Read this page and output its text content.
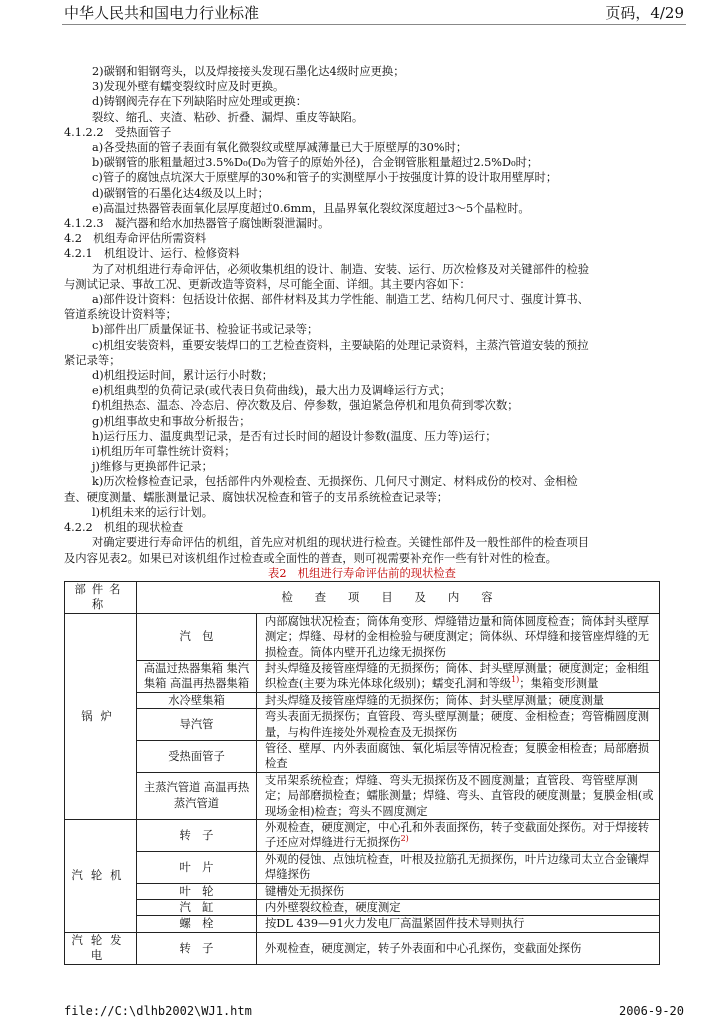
中华人民共和国电力行业标准	页码，4/29
2)碳钢和钼钢弯头，以及焊接接头发现石墨化达4级时应更换；
3)发现外壁有蠕变裂纹时应及时更换。
d)铸钢阀壳存在下列缺陷时应处理或更换：
裂纹、缩孔、夹渣、粘砂、折叠、漏焊、重皮等缺陷。
4.1.2.2　受热面管子
a)各受热面的管子表面有氧化微裂纹或壁厚减薄量已大于原壁厚的30%时；
b)碳钢管的胀粗量超过3.5%D₀(D₀为管子的原始外径)，合金钢管胀粗量超过2.5%D₀时；
c)管子的腐蚀点坑深大于原壁厚的30%和管子的实测壁厚小于按强度计算的设计取用壁厚时；
d)碳钢管的石墨化达4级及以上时；
e)高温过热器管表面氧化层厚度超过0.6mm，且晶界氧化裂纹深度超过3～5个晶粒时。
4.1.2.3　凝汽器和给水加热器管子腐蚀断裂泄漏时。
4.2　机组寿命评估所需资料
4.2.1　机组设计、运行、检修资料
为了对机组进行寿命评估，必须收集机组的设计、制造、安装、运行、历次检修及对关键部件的检验
与测试记录、事故工况、更新改造等资料，尽可能全面、详细。其主要内容如下：
a)部件设计资料：包括设计依据、部件材料及其力学性能、制造工艺、结构几何尺寸、强度计算书、
管道系统设计资料等；
b)部件出厂质量保证书、检验证书或记录等；
c)机组安装资料，重要安装焊口的工艺检查资料，主要缺陷的处理记录资料，主蒸汽管道安装的预拉
紧记录等；
d)机组投运时间，累计运行小时数；
e)机组典型的负荷记录(或代表日负荷曲线)，最大出力及调峰运行方式；
f)机组热态、温态、冷态启、停次数及启、停参数，强迫紧急停机和甩负荷到零次数；
g)机组事故史和事故分析报告；
h)运行压力、温度典型记录，是否有过长时间的超设计参数(温度、压力等)运行；
i)机组历年可靠性统计资料；
j)维修与更换部件记录；
k)历次检修检查记录，包括部件内外观检查、无损探伤、几何尺寸测定、材料成份的校对、金相检
查、硬度测量、蠕胀测量记录、腐蚀状况检查和管子的支吊系统检查记录等；
l)机组未来的运行计划。
4.2.2　机组的现状检查
对确定要进行寿命评估的机组，首先应对机组的现状进行检查。关键性部件及一般性部件的检查项目
及内容见表2。如果已对该机组作过检查或全面性的普查，则可视需要补充作一些有针对性的检查。
表2　机组进行寿命评估前的现状检查
部件名称	检查项目及内容	
锅炉	汽　包	内部腐蚀状况检查；筒体角变形、焊缝错边量和筒体圆度检查；筒体封头壁厚测定；焊缝、母材的金相检验与硬度测定；筒体纵、环焊缝和接管座焊缝的无损检查。筒体内壁开孔边缘无损探伤
	高温过热器集箱 集汽集箱 高温再热器集箱	封头焊缝及接管座焊缝的无损探伤；筒体、封头壁厚测量；硬度测定；金相组织检查(主要为珠光体球化级别)；蠕变孔洞和等级$^{1)}$；集箱变形测量
	水冷壁集箱	封头焊缝及接管座焊缝的无损探伤；筒体、封头壁厚测量；硬度测量
	导汽管	弯头表面无损探伤；直管段、弯头壁厚测量；硬度、金相检查；弯管椭圆度测量，与构件连接处外观检查及无损探伤
	受热面管子	管径、壁厚、内外表面腐蚀、氧化垢层等情况检查；复膜金相检查；局部磨损检查
	主蒸汽管道 高温再热蒸汽管道	支吊架系统检查；焊缝、弯头无损探伤及不圆度测量；直管段、弯管壁厚测定；局部磨损检查；蠕胀测量；焊缝、弯头、直管段的硬度测量；复膜金相(或现场金相)检查；弯头不圆度测定
汽轮机	转　子	外观检查，硬度测定，中心孔和外表面探伤，转子变截面处探伤。对于焊接转子还应对焊缝进行无损探伤$^{2)}$
	叶　片	外观的侵蚀、点蚀坑检查，叶根及拉筋孔无损探伤，叶片边缘司太立合金镶焊焊缝探伤
	叶　轮	键槽处无损探伤
	汽　缸	内外壁裂纹检查，硬度测定
	螺　栓	按DL 439—91火力发电厂高温紧固件技术导则执行
汽轮发电	转　子	外观检查，硬度测定，转子外表面和中心孔探伤，变截面处探伤
file://C:\dlhb2002\WJ1.htm	2006-9-20
